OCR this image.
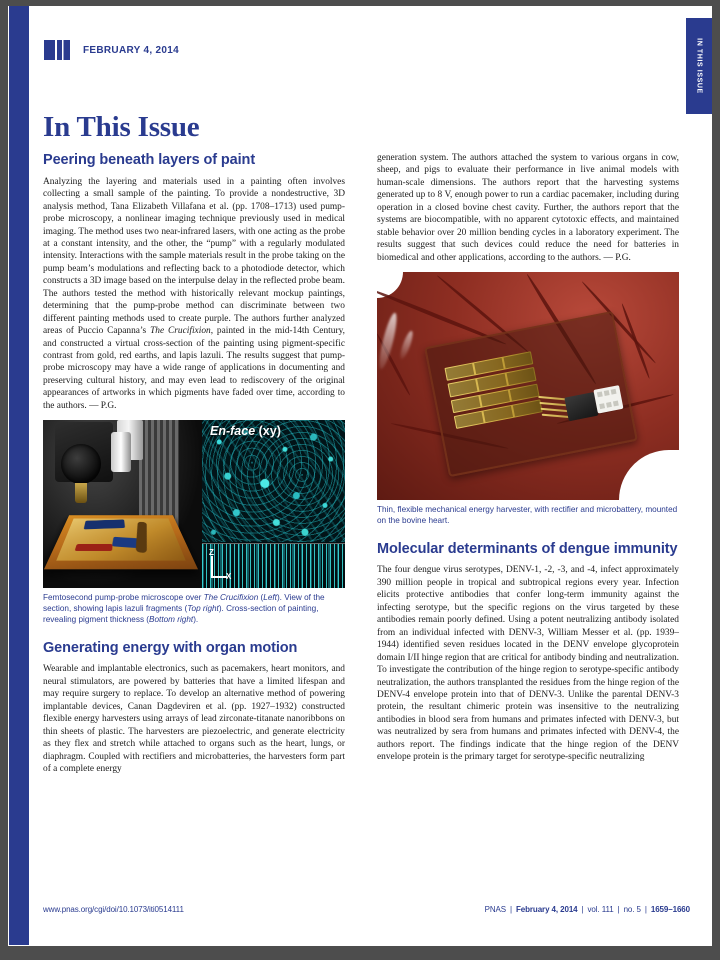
IN THIS ISSUE
FEBRUARY 4, 2014
In This Issue
Peering beneath layers of paint

Analyzing the layering and materials used in a painting often involves collecting a small sample of the painting. To provide a nondestructive, 3D analysis method, Tana Elizabeth Villafana et al. (pp. 1708–1713) used pump-probe microscopy, a nonlinear imaging technique previously used in medical imaging. The method uses two near-infrared lasers, with one acting as the probe at a constant intensity, and the other, the “pump” with a regularly modulated intensity. Interactions with the sample materials result in the probe taking on the pump beam’s modulations and reflecting back to a photodiode detector, which constructs a 3D image based on the interpulse delay in the reflected probe beam. The authors tested the method with historically relevant mockup paintings, determining that the pump-probe method can discriminate between two different painting methods used to create purple. The authors further analyzed areas of Puccio Capanna’s The Crucifixion, painted in the mid-14th Century, and constructed a virtual cross-section of the painting using pigment-specific contrast from gold, red earths, and lapis lazuli. The results suggest that pump-probe microscopy may have a wide range of applications in documenting and preserving cultural history, and may even lead to rediscovery of the original appearances of artworks in which pigments have faded over time, according to the authors. — P.G.

En-face (xy)
Z
X

Femtosecond pump-probe microscope over The Crucifixion (Left). View of the section, showing lapis lazuli fragments (Top right). Cross-section of painting, revealing pigment thickness (Bottom right).

Generating energy with organ motion

Wearable and implantable electronics, such as pacemakers, heart monitors, and neural stimulators, are powered by batteries that have a limited lifespan and may require surgery to replace. To develop an alternative method of powering implantable devices, Canan Dagdeviren et al. (pp. 1927–1932) constructed flexible energy harvesters using arrays of lead zirconate-titanate nanoribbons on thin sheets of plastic. The harvesters are piezoelectric, and generate electricity as they flex and stretch while attached to organs such as the heart, lungs, or diaphragm. Coupled with rectifiers and microbatteries, the harvesters form part of a complete energy

generation system. The authors attached the system to various organs in cow, sheep, and pigs to evaluate their performance in live animal models with human-scale dimensions. The authors report that the harvesting systems generated up to 8 V, enough power to run a cardiac pacemaker, including during operation in a closed bovine chest cavity. Further, the authors report that the systems are biocompatible, with no apparent cytotoxic effects, and maintained stable behavior over 20 million bending cycles in a laboratory experiment. The results suggest that such devices could reduce the need for batteries in biomedical and other applications, according to the authors. — P.G.

Thin, flexible mechanical energy harvester, with rectifier and microbattery, mounted on the bovine heart.

Molecular determinants of dengue immunity

The four dengue virus serotypes, DENV-1, -2, -3, and -4, infect approximately 390 million people in tropical and subtropical regions every year. Infection elicits protective antibodies that confer long-term immunity against the infecting serotype, but the specific regions on the virus targeted by these antibodies remain poorly defined. Using a potent neutralizing antibody isolated from an individual infected with DENV-3, William Messer et al. (pp. 1939–1944) identified seven residues located in the DENV envelope glycoprotein domain I/II hinge region that are critical for antibody binding and neutralization. To investigate the contribution of the hinge region to serotype-specific antibody neutralization, the authors transplanted the residues from the hinge region of the DENV-4 envelope protein into that of DENV-3. Unlike the parental DENV-3 protein, the resultant chimeric protein was insensitive to the neutralizing antibodies in blood sera from humans and primates infected with DENV-3, but was neutralized by sera from humans and primates infected with DENV-4, the authors report. The findings indicate that the hinge region of the DENV envelope protein is the primary target for serotype-specific neutralizing

www.pnas.org/cgi/doi/10.1073/iti0514111	PNAS | February 4, 2014 | vol. 111 | no. 5 | 1659–1660
